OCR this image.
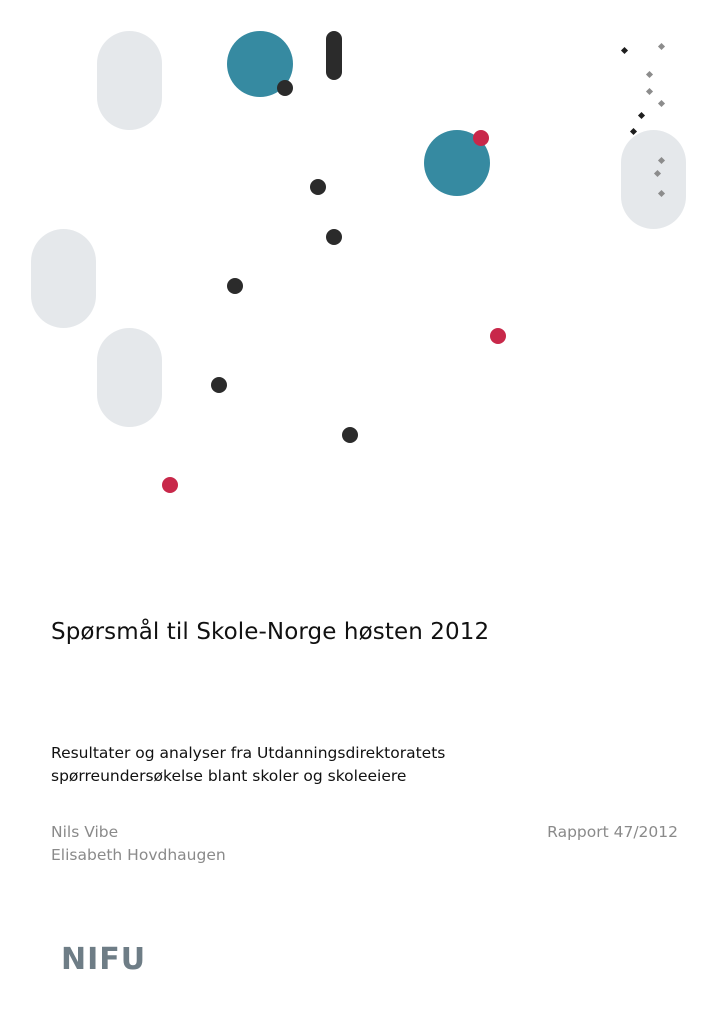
Spørsmål til Skole-Norge høsten 2012
Resultater og analyser fra Utdanningsdirektoratets
spørreundersøkelse blant skoler og skoleeiere
Nils Vibe
Elisabeth Hovdhaugen
Rapport 47/2012
NIFU
